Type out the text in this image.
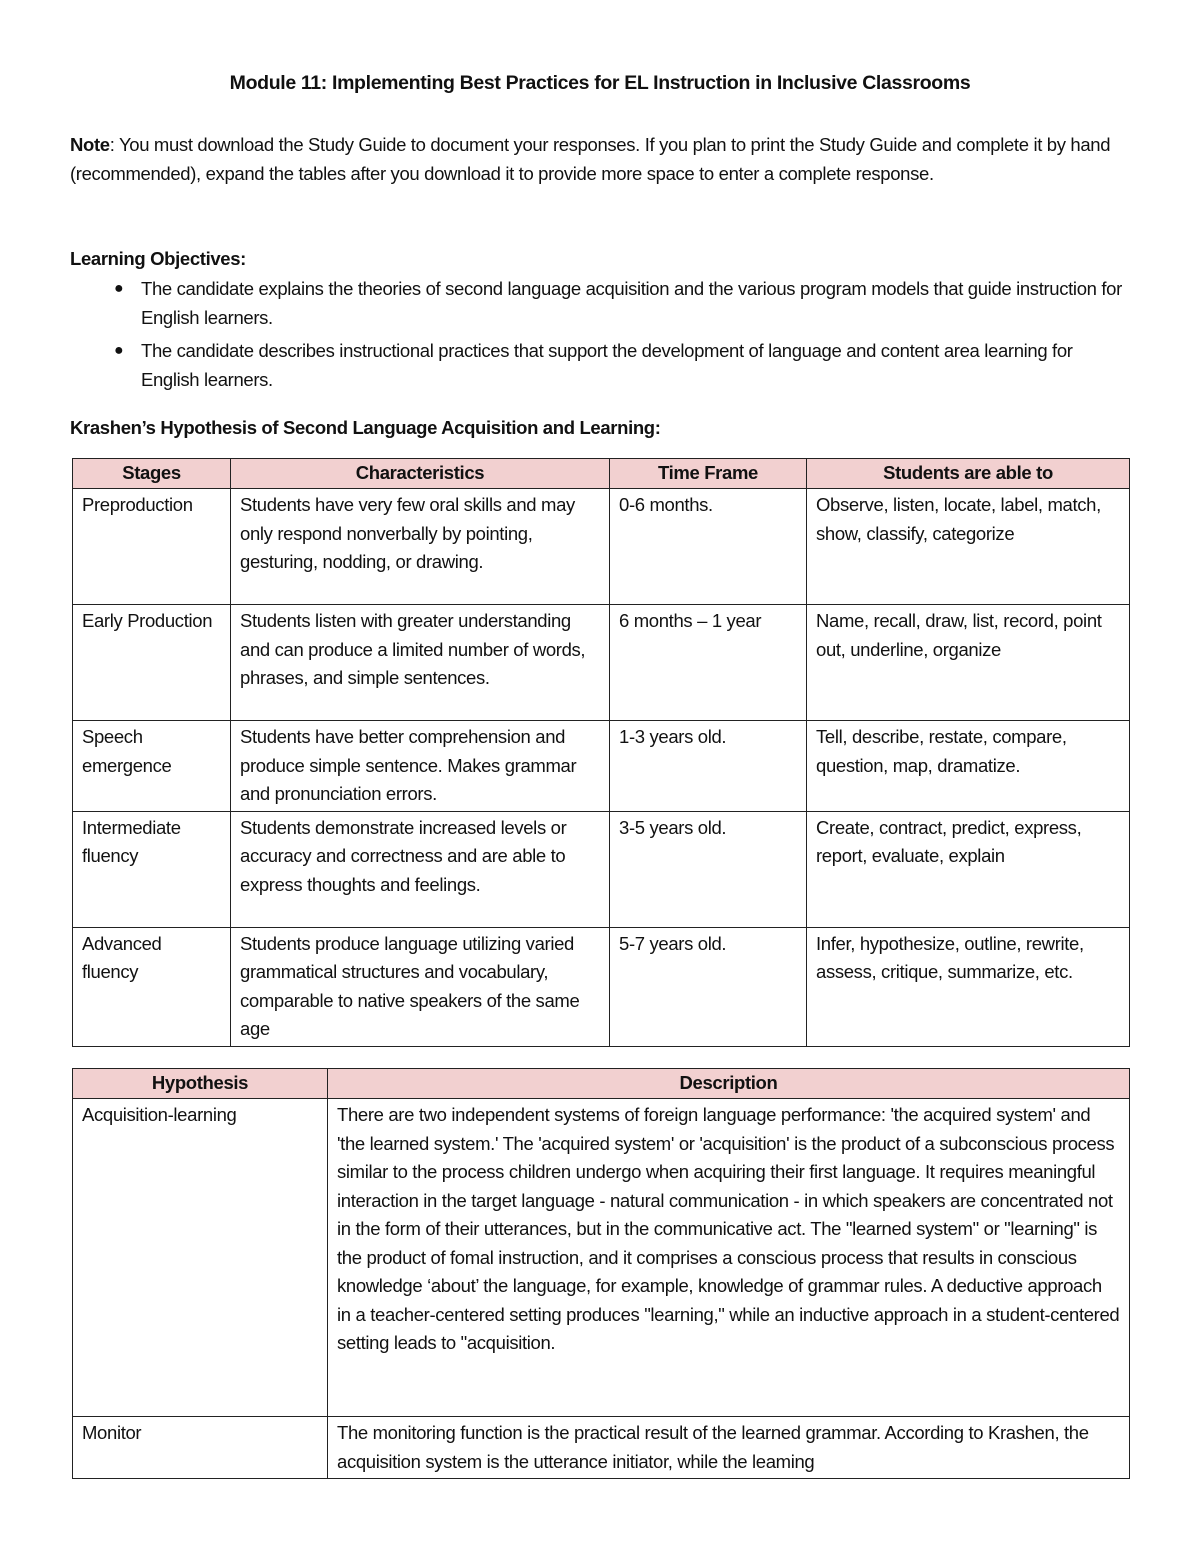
Module 11: Implementing Best Practices for EL Instruction in Inclusive Classrooms
Note: You must download the Study Guide to document your responses. If you plan to print the Study Guide and complete it by hand (recommended), expand the tables after you download it to provide more space to enter a complete response.
Learning Objectives:
● The candidate explains the theories of second language acquisition and the various program models that guide instruction for English learners.
● The candidate describes instructional practices that support the development of language and content area learning for English learners.
Krashen’s Hypothesis of Second Language Acquisition and Learning:
Stages	Characteristics	Time Frame	Students are able to
Preproduction	Students have very few oral skills and may only respond nonverbally by pointing, gesturing, nodding, or drawing.	0-6 months.	Observe, listen, locate, label, match, show, classify, categorize
Early Production	Students listen with greater understanding and can produce a limited number of words, phrases, and simple sentences.	6 months – 1 year	Name, recall, draw, list, record, point out, underline, organize
Speech emergence	Students have better comprehension and produce simple sentence. Makes grammar and pronunciation errors.	1-3 years old.	Tell, describe, restate, compare, question, map, dramatize.
Intermediate fluency	Students demonstrate increased levels or accuracy and correctness and are able to express thoughts and feelings.	3-5 years old.	Create, contract, predict, express, report, evaluate, explain
Advanced fluency	Students produce language utilizing varied grammatical structures and vocabulary, comparable to native speakers of the same age	5-7 years old.	Infer, hypothesize, outline, rewrite, assess, critique, summarize, etc.
Hypothesis	Description
Acquisition-learning	There are two independent systems of foreign language performance: 'the acquired system' and 'the learned system.' The 'acquired system' or 'acquisition' is the product of a subconscious process similar to the process children undergo when acquiring their first language. It requires meaningful interaction in the target language - natural communication - in which speakers are concentrated not in the form of their utterances, but in the communicative act. The "learned system" or "learning" is the product of fomal instruction, and it comprises a conscious process that results in conscious knowledge ‘about’ the language, for example, knowledge of grammar rules. A deductive approach in a teacher-centered setting produces "learning," while an inductive approach in a student-centered setting leads to "acquisition.
Monitor	The monitoring function is the practical result of the learned grammar. According to Krashen, the acquisition system is the utterance initiator, while the leaming
